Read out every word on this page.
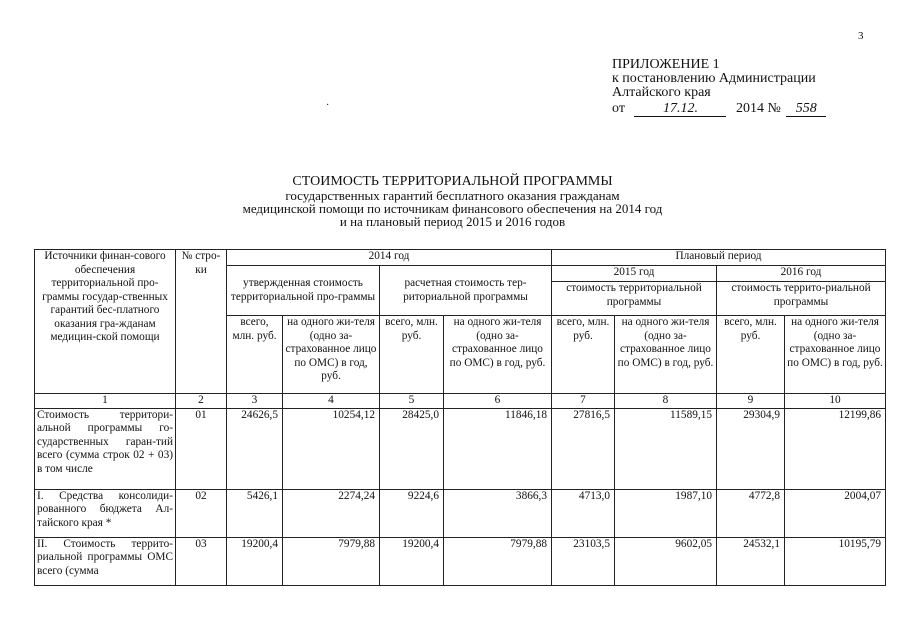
3
ПРИЛОЖЕНИЕ 1
к постановлению Администрации
Алтайского края
от	17.12.	2014 № 558
·
СТОИМОСТЬ ТЕРРИТОРИАЛЬНОЙ ПРОГРАММЫ
государственных гарантий бесплатного оказания гражданам
медицинской помощи по источникам финансового обеспечения на 2014 год
и на плановый период 2015 и 2016 годов
Источники финан-сового обеспечения территориальной про-граммы государ-ственных гарантий бес-платного оказания гра-жданам медицин-ской помощи	№ стро-ки	2014 год				Плановый период			
		утвержденная стоимость территориальной про-граммы		расчетная стоимость тер-риториальной программы		2015 год		2016 год	
						стоимость территориальной программы		стоимость террито-риальной программы	
		всего, млн. руб.	на одного жи-теля (одно за-страхованное лицо по ОМС) в год, руб.	всего, млн. руб.	на одного жи-теля (одно за-страхованное лицо по ОМС) в год, руб.	всего, млн. руб.	на одного жи-теля (одно за-страхованное лицо по ОМС) в год, руб.	всего, млн. руб.	на одного жи-теля (одно за-страхованное лицо по ОМС) в год, руб.
1	2	3	4	5	6	7	8	9	10
Стоимость территори-альной программы го-сударственных гаран-тий всего (сумма строк 02 + 03) в том числе	01	24626,5	10254,12	28425,0	11846,18	27816,5	11589,15	29304,9	12199,86
I. Средства консолиди-рованного бюджета Ал-тайского края *	02	5426,1	2274,24	9224,6	3866,3	4713,0	1987,10	4772,8	2004,07
II. Стоимость террито-риальной программы ОМС всего (сумма	03	19200,4	7979,88	19200,4	7979,88	23103,5	9602,05	24532,1	10195,79
